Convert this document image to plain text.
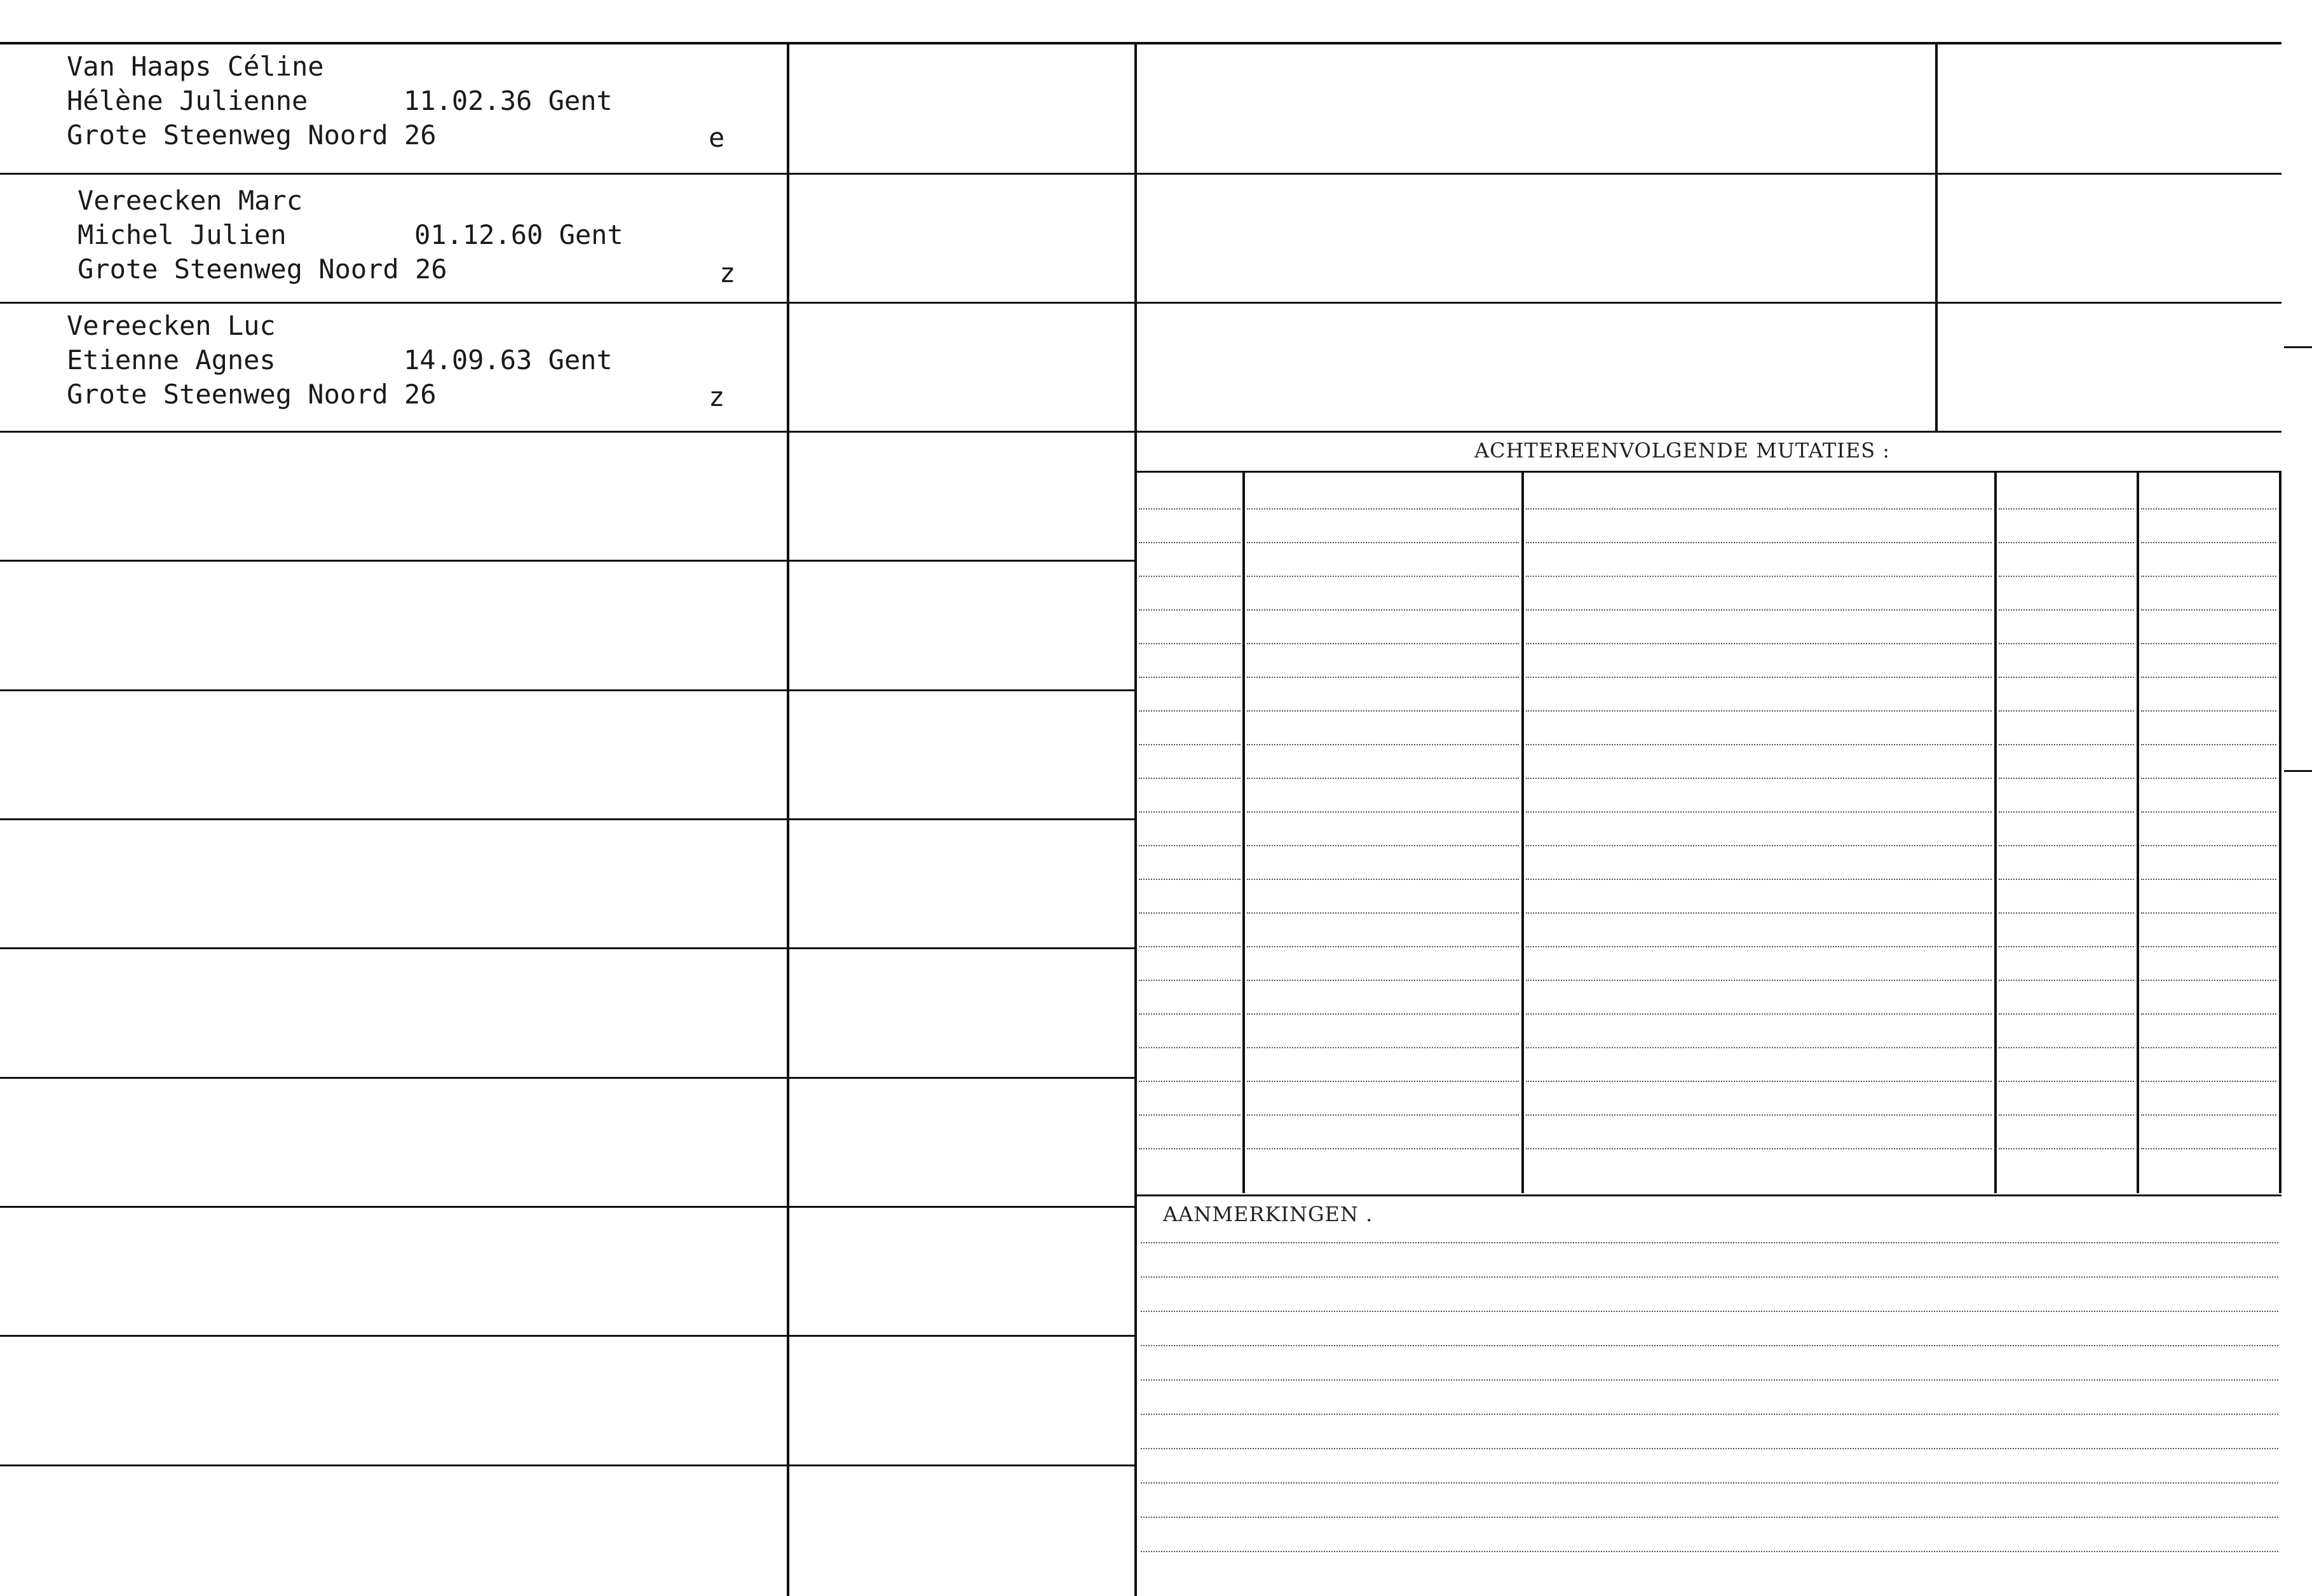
ACHTEREENVOLGENDE MUTATIES :
AANMERKINGEN .
Van Haaps Céline
Hélène Julienne	11.02.36 Gent
Grote Steenweg Noord 26	e
Vereecken Marc
Michel Julien	01.12.60 Gent
Grote Steenweg Noord 26	z
Vereecken Luc
Etienne Agnes	14.09.63 Gent
Grote Steenweg Noord 26	z
